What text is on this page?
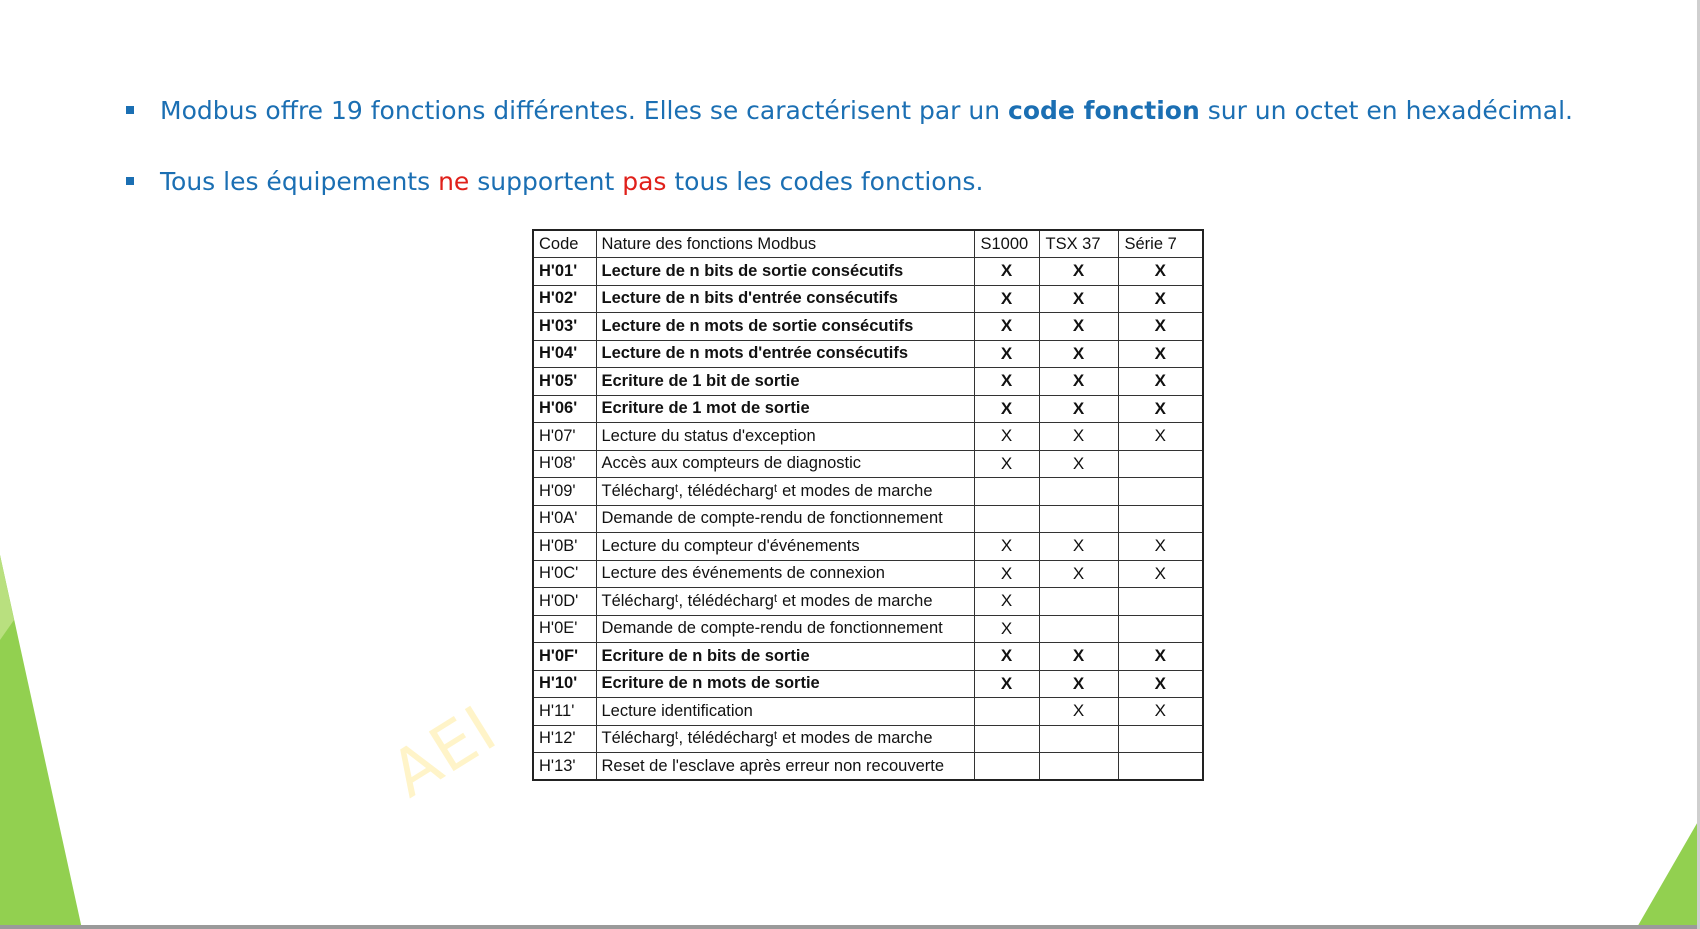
AEI
Modbus offre 19 fonctions différentes. Elles se caractérisent par un code fonction sur un octet en hexadécimal.
Tous les équipements ne supportent pas tous les codes fonctions.
Code	Nature des fonctions Modbus	S1000	TSX 37	Série 7
H'01'	Lecture de n bits de sortie consécutifs	X	X	X
H'02'	Lecture de n bits d'entrée consécutifs	X	X	X
H'03'	Lecture de n mots de sortie consécutifs	X	X	X
H'04'	Lecture de n mots d'entrée consécutifs	X	X	X
H'05'	Ecriture de 1 bit de sortie	X	X	X
H'06'	Ecriture de 1 mot de sortie	X	X	X
H'07'	Lecture du status d'exception	X	X	X
H'08'	Accès aux compteurs de diagnostic	X	X	
H'09'	Téléchargᵗ, télédéchargᵗ et modes de marche			
H'0A'	Demande de compte-rendu de fonctionnement			
H'0B'	Lecture du compteur d'événements	X	X	X
H'0C'	Lecture des événements de connexion	X	X	X
H'0D'	Téléchargᵗ, télédéchargᵗ et modes de marche	X		
H'0E'	Demande de compte-rendu de fonctionnement	X		
H'0F'	Ecriture de n bits de sortie	X	X	X
H'10'	Ecriture de n mots de sortie	X	X	X
H'11'	Lecture identification		X	X
H'12'	Téléchargᵗ, télédéchargᵗ et modes de marche			
H'13'	Reset de l'esclave après erreur non recouverte			
